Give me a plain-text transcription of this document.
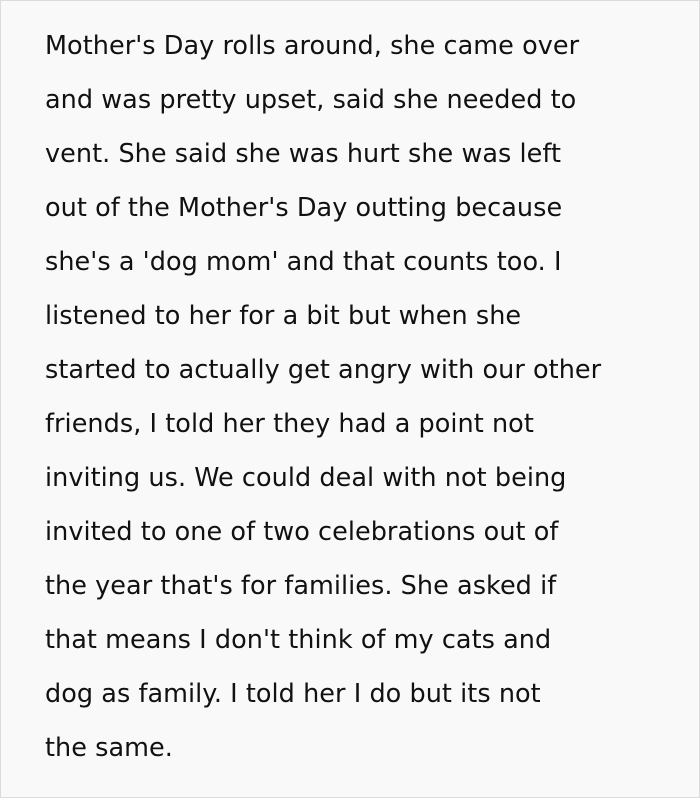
Mother's Day rolls around, she came over
and was pretty upset, said she needed to
vent. She said she was hurt she was left
out of the Mother's Day outting because
she's a 'dog mom' and that counts too. I
listened to her for a bit but when she
started to actually get angry with our other
friends, I told her they had a point not
inviting us. We could deal with not being
invited to one of two celebrations out of
the year that's for families. She asked if
that means I don't think of my cats and
dog as family. I told her I do but its not
the same.
